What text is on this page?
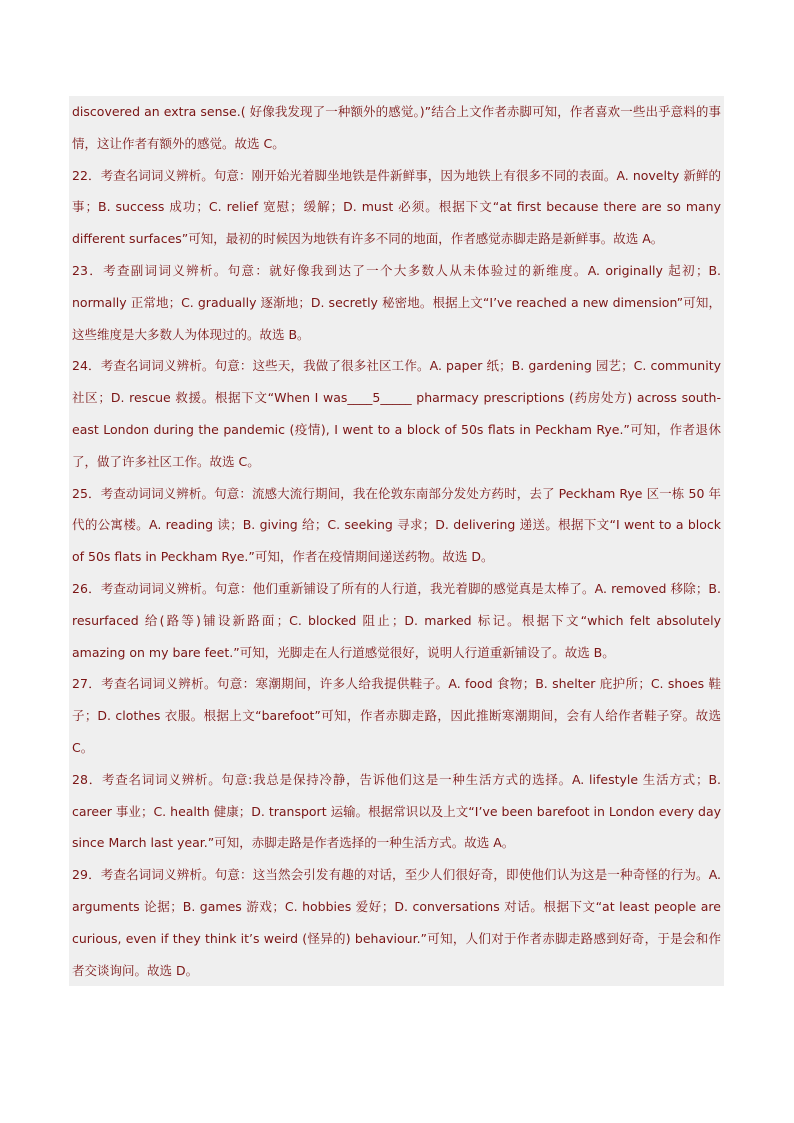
discovered an extra sense.( 好像我发现了一种额外的感觉。)”结合上文作者赤脚可知，作者喜欢一些出乎意料的事情，这让作者有额外的感觉。故选 C。

22．考查名词词义辨析。句意：刚开始光着脚坐地铁是件新鲜事，因为地铁上有很多不同的表面。A. novelty 新鲜的事；B. success 成功；C. relief 宽慰；缓解；D. must 必须。根据下文“at first because there are so many different surfaces”可知，最初的时候因为地铁有许多不同的地面，作者感觉赤脚走路是新鲜事。故选 A。

23．考查副词词义辨析。句意：就好像我到达了一个大多数人从未体验过的新维度。A. originally 起初；B. normally 正常地；C. gradually 逐渐地；D. secretly 秘密地。根据上文“I’ve reached a new dimension”可知，这些维度是大多数人为体现过的。故选 B。

24．考查名词词义辨析。句意：这些天，我做了很多社区工作。A. paper 纸；B. gardening 园艺；C. community 社区；D. rescue 救援。根据下文“When I was____5_____ pharmacy prescriptions (药房处方) across south-east London during the pandemic (疫情), I went to a block of 50s flats in Peckham Rye.”可知，作者退休了，做了许多社区工作。故选 C。

25．考查动词词义辨析。句意：流感大流行期间，我在伦敦东南部分发处方药时，去了 Peckham Rye 区一栋 50 年代的公寓楼。A. reading 读；B. giving 给；C. seeking 寻求；D. delivering 递送。根据下文“I went to a block of 50s flats in Peckham Rye.”可知，作者在疫情期间递送药物。故选 D。

26．考查动词词义辨析。句意：他们重新铺设了所有的人行道，我光着脚的感觉真是太棒了。A. removed 移除；B. resurfaced 给(路等)铺设新路面；C. blocked 阻止；D. marked 标记。根据下文“which felt absolutely amazing on my bare feet.”可知，光脚走在人行道感觉很好，说明人行道重新铺设了。故选 B。

27．考查名词词义辨析。句意：寒潮期间，许多人给我提供鞋子。A. food 食物；B. shelter 庇护所；C. shoes 鞋子；D. clothes 衣服。根据上文“barefoot”可知，作者赤脚走路，因此推断寒潮期间，会有人给作者鞋子穿。故选 C。

28．考查名词词义辨析。句意:我总是保持冷静，告诉他们这是一种生活方式的选择。A. lifestyle 生活方式；B. career 事业；C. health 健康；D. transport 运输。根据常识以及上文“I’ve been barefoot in London every day since March last year.”可知，赤脚走路是作者选择的一种生活方式。故选 A。

29．考查名词词义辨析。句意：这当然会引发有趣的对话，至少人们很好奇，即使他们认为这是一种奇怪的行为。A. arguments 论据；B. games 游戏；C. hobbies 爱好；D. conversations 对话。根据下文“at least people are curious, even if they think it’s weird (怪异的) behaviour.”可知，人们对于作者赤脚走路感到好奇，于是会和作者交谈询问。故选 D。
